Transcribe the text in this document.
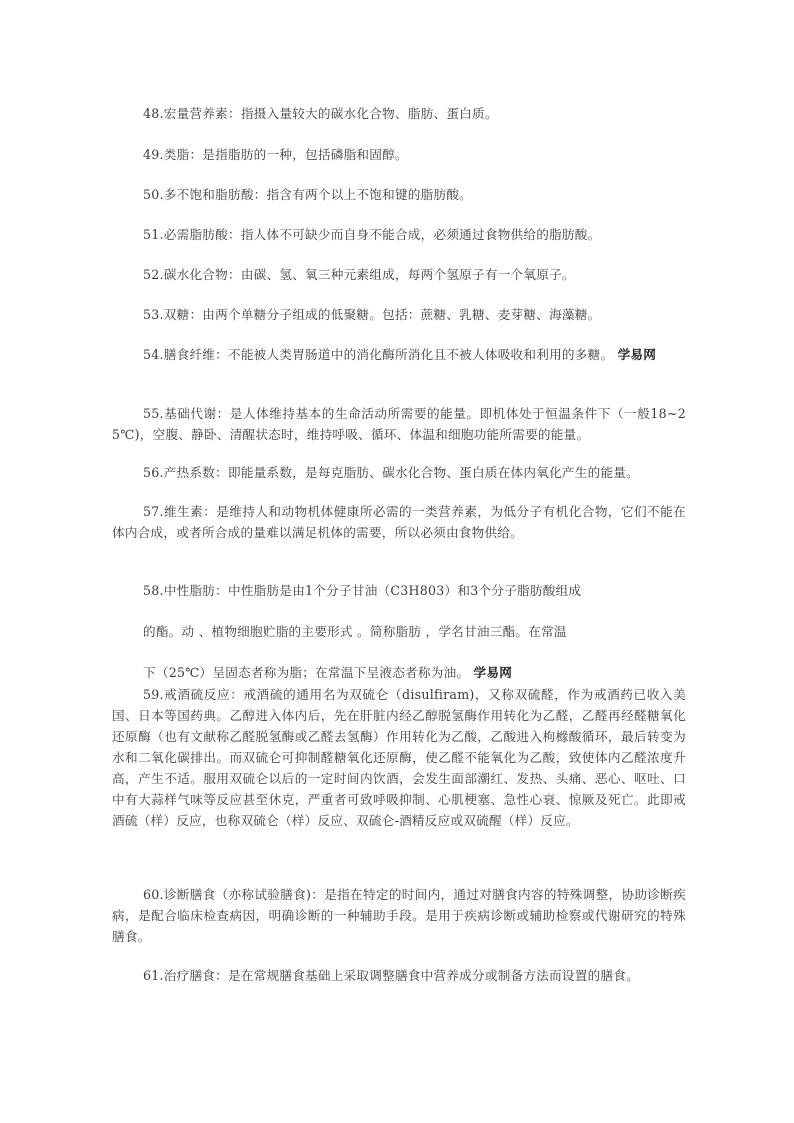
48.宏量营养素：指摄入量较大的碳水化合物、脂肪、蛋白质。

49.类脂：是指脂肪的一种，包括磷脂和固醇。

50.多不饱和脂肪酸：指含有两个以上不饱和键的脂肪酸。

51.必需脂肪酸：指人体不可缺少而自身不能合成，必须通过食物供给的脂肪酸。

52.碳水化合物：由碳、氢、氧三种元素组成，每两个氢原子有一个氧原子。

53.双糖：由两个单糖分子组成的低聚糖。包括：蔗糖、乳糖、麦芽糖、海藻糖。

54.膳食纤维：不能被人类胃肠道中的消化酶所消化且不被人体吸收和利用的多糖。 学易网

55.基础代谢：是人体维持基本的生命活动所需要的能量。即机体处于恒温条件下（一般18~25℃)，空腹、静卧、清醒状态时，维持呼吸、循环、体温和细胞功能所需要的能量。

56.产热系数：即能量系数，是每克脂肪、碳水化合物、蛋白质在体内氧化产生的能量。

57.维生素：是维持人和动物机体健康所必需的一类营养素，为低分子有机化合物，它们不能在体内合成，或者所合成的量难以满足机体的需要，所以必须由食物供给。

58.中性脂肪：中性脂肪是由1个分子甘油（C3H803）和3个分子脂肪酸组成
的酯。动 、植物细胞贮脂的主要形式 。简称脂肪 ，学名甘油三酯。在常温
下（25℃）呈固态者称为脂；在常温下呈液态者称为油。 学易网

59.戒酒硫反应：戒酒硫的通用名为双硫仑（disulfiram)，又称双硫醛，作为戒酒药已收入美国、日本等国药典。乙醇进入体内后，先在肝脏内经乙醇脱氢酶作用转化为乙醛，乙醛再经醛糖氧化还原酶（也有文献称乙醛脱氢酶或乙醛去氢酶）作用转化为乙酸，乙酸进入枸橼酸循环，最后转变为水和二氧化碳排出。而双硫仑可抑制醛糖氧化还原酶，使乙醛不能氧化为乙酸，致使体内乙醛浓度升高，产生不适。服用双硫仑以后的一定时间内饮酒，会发生面部潮红、发热、头痛、恶心、呕吐、口中有大蒜样气味等反应甚至休克，严重者可致呼吸抑制、心肌梗塞、急性心衰、惊厥及死亡。此即戒酒硫（样）反应，也称双硫仑（样）反应、双硫仑-酒精反应或双硫醒（样）反应。

60.诊断膳食（亦称试验膳食)：是指在特定的时间内，通过对膳食内容的特殊调整，协助诊断疾病，是配合临床检查病因，明确诊断的一种辅助手段。是用于疾病诊断或辅助检察或代谢研究的特殊膳食。

61.治疗膳食：是在常规膳食基础上采取调整膳食中营养成分或制备方法而设置的膳食。
